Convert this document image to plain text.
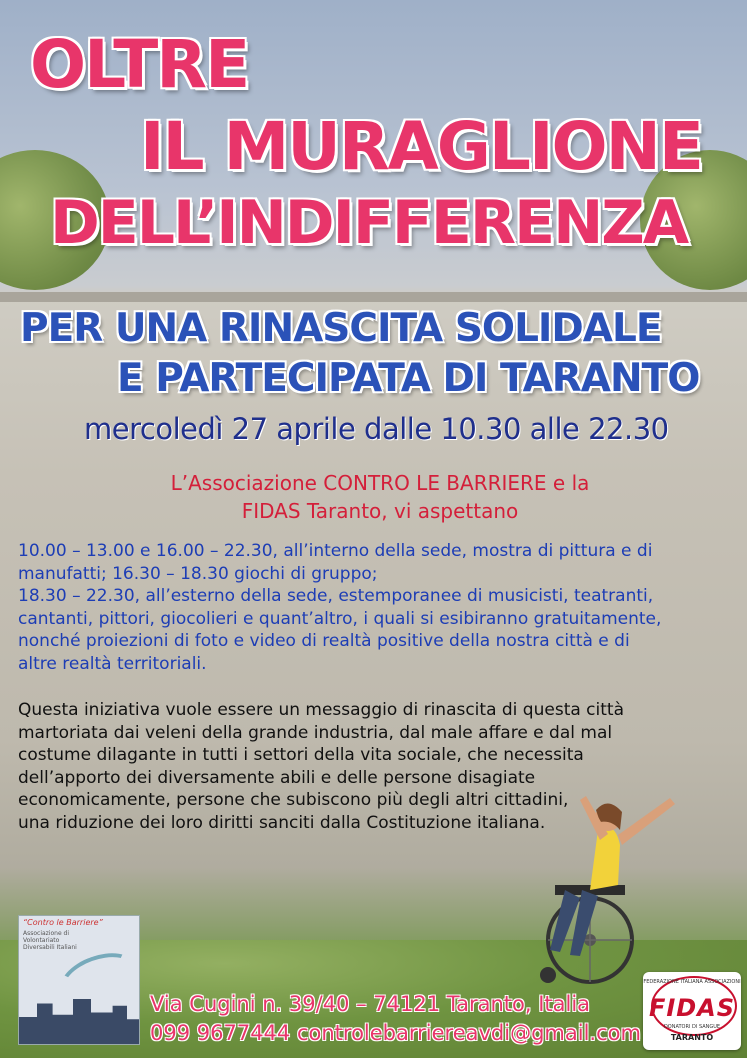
OLTRE
IL MURAGLIONE
DELL’INDIFFERENZA
PER UNA RINASCITA SOLIDALE
E PARTECIPATA DI TARANTO
mercoledì 27 aprile dalle 10.30 alle 22.30
L’Associazione CONTRO LE BARRIERE e la
FIDAS Taranto, vi aspettano
10.00 – 13.00 e 16.00 – 22.30, all’interno della sede, mostra di pittura e di
manufatti; 16.30 – 18.30 giochi di gruppo;
18.30 – 22.30, all’esterno della sede, estemporanee di musicisti, teatranti,
cantanti, pittori, giocolieri e quant’altro, i quali si esibiranno gratuitamente,
nonché proiezioni di foto e video di realtà positive della nostra città e di
altre realtà territoriali.
Questa iniziativa vuole essere un messaggio di rinascita di questa città
martoriata dai veleni della grande industria, dal male affare e dal mal
costume dilagante in tutti i settori della vita sociale, che necessita
dell’apporto dei diversamente abili e delle persone disagiate
economicamente, persone che subiscono più degli altri cittadini,
una riduzione dei loro diritti sanciti dalla Costituzione italiana.
“Contro le Barriere”
Associazione di Volontariato Diversabili Italiani
Via Cugini n. 39/40 – 74121 Taranto, Italia
099 9677444 controlebarriereavdi@gmail.com
FEDERAZIONE ITALIANA ASSOCIAZIONI
FIDAS
DONATORI DI SANGUE
TARANTO
